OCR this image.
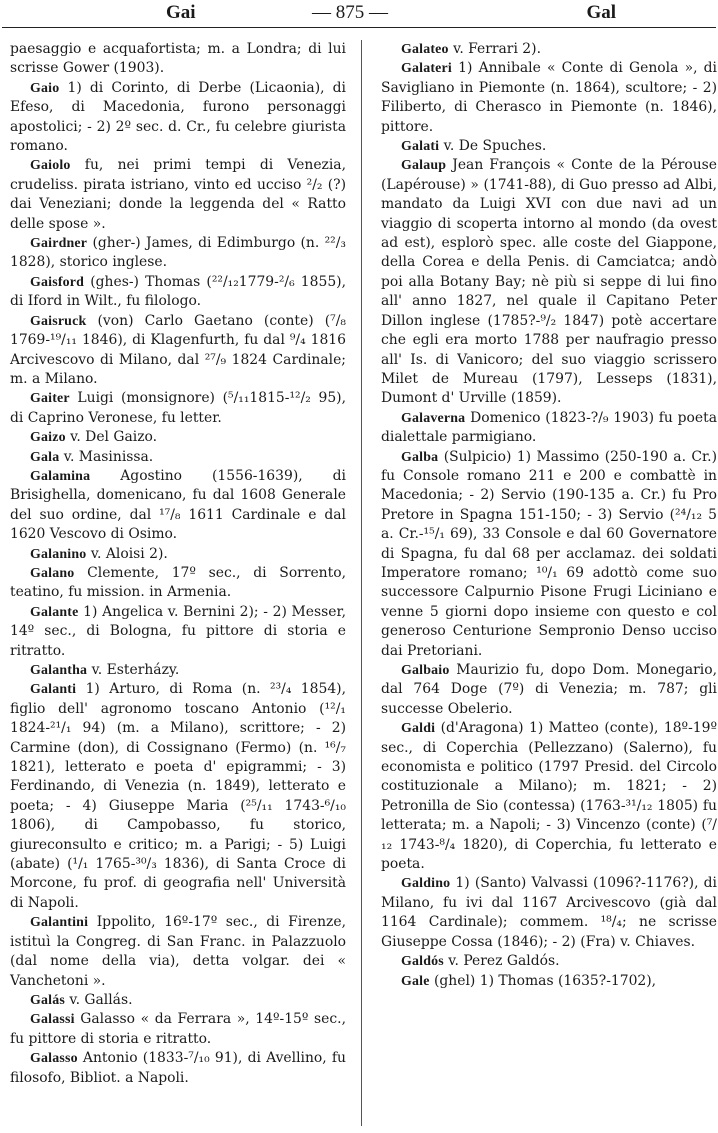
Gai	— 875 —	Gal

paesaggio e acquafortista; m. a Londra; di lui scrisse Gower (1903).

Gaio 1) di Corinto, di Derbe (Licaonia), di Efeso, di Macedonia, furono personaggi apostolici; - 2) 2º sec. d. Cr., fu celebre giurista romano.

Gaiolo fu, nei primi tempi di Venezia, crudeliss. pirata istriano, vinto ed ucciso ²/₂ (?) dai Veneziani; donde la leggenda del « Ratto delle spose ».

Gairdner (gher-) James, di Edimburgo (n. ²²/₃ 1828), storico inglese.

Gaisford (ghes-) Thomas (²²/₁₂1779-²/₆ 1855), di Iford in Wilt., fu filologo.

Gaisruck (von) Carlo Gaetano (conte) (⁷/₈ 1769-¹⁹/₁₁ 1846), di Klagenfurth, fu dal ⁹/₄ 1816 Arcivescovo di Milano, dal ²⁷/₉ 1824 Cardinale; m. a Milano.

Gaiter Luigi (monsignore) (⁵/₁₁1815-¹²/₂ 95), di Caprino Veronese, fu letter.

Gaizo v. Del Gaizo.

Gala v. Masinissa.

Galamina Agostino (1556-1639), di Brisighella, domenicano, fu dal 1608 Generale del suo ordine, dal ¹⁷/₈ 1611 Cardinale e dal 1620 Vescovo di Osimo.

Galanino v. Aloisi 2).

Galano Clemente, 17º sec., di Sorrento, teatino, fu mission. in Armenia.

Galante 1) Angelica v. Bernini 2); - 2) Messer, 14º sec., di Bologna, fu pittore di storia e ritratto.

Galantha v. Esterházy.

Galanti 1) Arturo, di Roma (n. ²³/₄ 1854), figlio dell' agronomo toscano Antonio (¹²/₁ 1824-²¹/₁ 94) (m. a Milano), scrittore; - 2) Carmine (don), di Cossignano (Fermo) (n. ¹⁶/₇ 1821), letterato e poeta d' epigrammi; - 3) Ferdinando, di Venezia (n. 1849), letterato e poeta; - 4) Giuseppe Maria (²⁵/₁₁ 1743-⁶/₁₀ 1806), di Campobasso, fu storico, giureconsulto e critico; m. a Parigi; - 5) Luigi (abate) (¹/₁ 1765-³⁰/₃ 1836), di Santa Croce di Morcone, fu prof. di geografia nell' Università di Napoli.

Galantini Ippolito, 16º-17º sec., di Firenze, istituì la Congreg. di San Franc. in Palazzuolo (dal nome della via), detta volgar. dei « Vanchetoni ».

Galás v. Gallás.

Galassi Galasso « da Ferrara », 14º-15º sec., fu pittore di storia e ritratto.

Galasso Antonio (1833-⁷/₁₀ 91), di Avellino, fu filosofo, Bibliot. a Napoli.

Galateo v. Ferrari 2).

Galateri 1) Annibale « Conte di Genola », di Savigliano in Piemonte (n. 1864), scultore; - 2) Filiberto, di Cherasco in Piemonte (n. 1846), pittore.

Galati v. De Spuches.

Galaup Jean François « Conte de la Pérouse (Lapérouse) » (1741-88), di Guo presso ad Albi, mandato da Luigi XVI con due navi ad un viaggio di scoperta intorno al mondo (da ovest ad est), esplorò spec. alle coste del Giappone, della Corea e della Penis. di Camciatca; andò poi alla Botany Bay; nè più si seppe di lui fino all' anno 1827, nel quale il Capitano Peter Dillon inglese (1785?-⁹/₂ 1847) potè accertare che egli era morto 1788 per naufragio presso all' Is. di Vanicoro; del suo viaggio scrissero Milet de Mureau (1797), Lesseps (1831), Dumont d' Urville (1859).

Galaverna Domenico (1823-?/₉ 1903) fu poeta dialettale parmigiano.

Galba (Sulpicio) 1) Massimo (250-190 a. Cr.) fu Console romano 211 e 200 e combattè in Macedonia; - 2) Servio (190-135 a. Cr.) fu Pro Pretore in Spagna 151-150; - 3) Servio (²⁴/₁₂ 5 a. Cr.-¹⁵/₁ 69), 33 Console e dal 60 Governatore di Spagna, fu dal 68 per acclamaz. dei soldati Imperatore romano; ¹⁰/₁ 69 adottò come suo successore Calpurnio Pisone Frugi Liciniano e venne 5 giorni dopo insieme con questo e col generoso Centurione Sempronio Denso ucciso dai Pretoriani.

Galbaio Maurizio fu, dopo Dom. Monegario, dal 764 Doge (7º) di Venezia; m. 787; gli successe Obelerio.

Galdi (d'Aragona) 1) Matteo (conte), 18º-19º sec., di Coperchia (Pellezzano) (Salerno), fu economista e politico (1797 Presid. del Circolo costituzionale a Milano); m. 1821; - 2) Petronilla de Sio (contessa) (1763-³¹/₁₂ 1805) fu letterata; m. a Napoli; - 3) Vincenzo (conte) (⁷/₁₂ 1743-⁸/₄ 1820), di Coperchia, fu letterato e poeta.

Galdino 1) (Santo) Valvassi (1096?-1176?), di Milano, fu ivi dal 1167 Arcivescovo (già dal 1164 Cardinale); commem. ¹⁸/₄; ne scrisse Giuseppe Cossa (1846); - 2) (Fra) v. Chiaves.

Galdós v. Perez Galdós.

Gale (ghel) 1) Thomas (1635?-1702),
